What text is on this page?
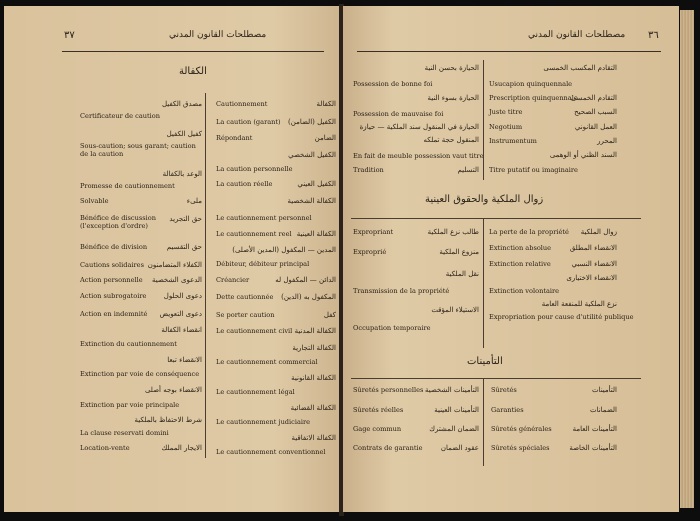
٣٧	مصطلحات القانون المدني
الكفالة
مصدق الكفيل
Certificateur de caution
كفيل الكفيل
Sous-caution; sous garant; caution de la caution
الوعد بالكفالة
Promesse de cautionnement
ملىء
Solvable
حق التجريد
Bénéfice de discussion (l'exception d'ordre)
حق التقسيم
Bénéfice de division
الكفلاء المتضامنون
Cautions solidaires
الدعوى الشخصية
Action personnelle
دعوى الحلول
Action subrogatoire
دعوى التعويض
Action en indemnité
انقضاء الكفالة
Extinction du cautionnement
الانقضاء تبعا
Extinction par voie de conséquence
الانقضاء بوجه أصلى
Extinction par voie principale
شرط الاحتفاظ بالملكية
La clause reservati domini
الايجار المملك
Location-vente
الكفالة
Cautionnement
الكفيل (الضامن)
La caution (garant)
الضامن
Répondant
الكفيل الشخصي
La caution personnelle
الكفيل العيني
La caution réelle
الكفالة الشخصية
Le cautionnement personnel
الكفالة العينية
Le cautionnement reel
المدين — المكفول (المدين الأصلى)
Débiteur, débiteur principal
الدائن — المكفول له
Créancier
المكفول به (الدين)
Dette cautionnée
كفل
Se porter caution
الكفالة المدنية
Le cautionnement civil
الكفالة التجارية
Le cautionnement commercial
الكفالة القانونية
Le cautionnement légal
الكفالة القضائية
Le cautionnement judiciaire
الكفالة الاتفاقية
Le cautionnement conventionnel
مصطلحات القانون المدني ٣٦
الحيازة بحسن النية
Possession de bonne foi
الحيازة بسوء النية
Possession de mauvaise foi
الحيازة في المنقول سند الملكية — حيازة
المنقول حجة تملكه
En fait de meuble possession vaut titre
التسليم
Tradition
التقادم المكسب الخمسى
Usucapion quinquennale
التقادم الخمسى
Prescription quinquennale
السبب الصحيح
Juste titre
العمل القانوني
Negotium
المحرر
Instrumentum
السند الظني أو الوهمى
Titre putatif ou imaginaire
زوال الملكية والحقوق العينية
طالب نزع الملكية
Expropriant
منزوع الملكية
Exproprié
نقل الملكية
Transmission de la propriété
الاستيلاء المؤقت
Occupation temporaire
زوال الملكية
La perte de la propriété
الانقضاء المطلق
Extinction absolue
الانقضاء النسبي
Extinction relative
الانقضاء الاختيارى
Extinction volontaire
نزع الملكية للمنفعة العامة
Expropriation pour cause d'utilité publique
التأمينات
التأمينات الشخصية
Sûretés personnelles
التأمينات العينية
Sûretés réelles
الضمان المشترك
Gage commun
عقود الضمان
Contrats de garantie
التأمينات
Sûretés
الضمانات
Garanties
التأمينات العامة
Sûretés générales
التأمينات الخاصة
Sûretés spéciales
